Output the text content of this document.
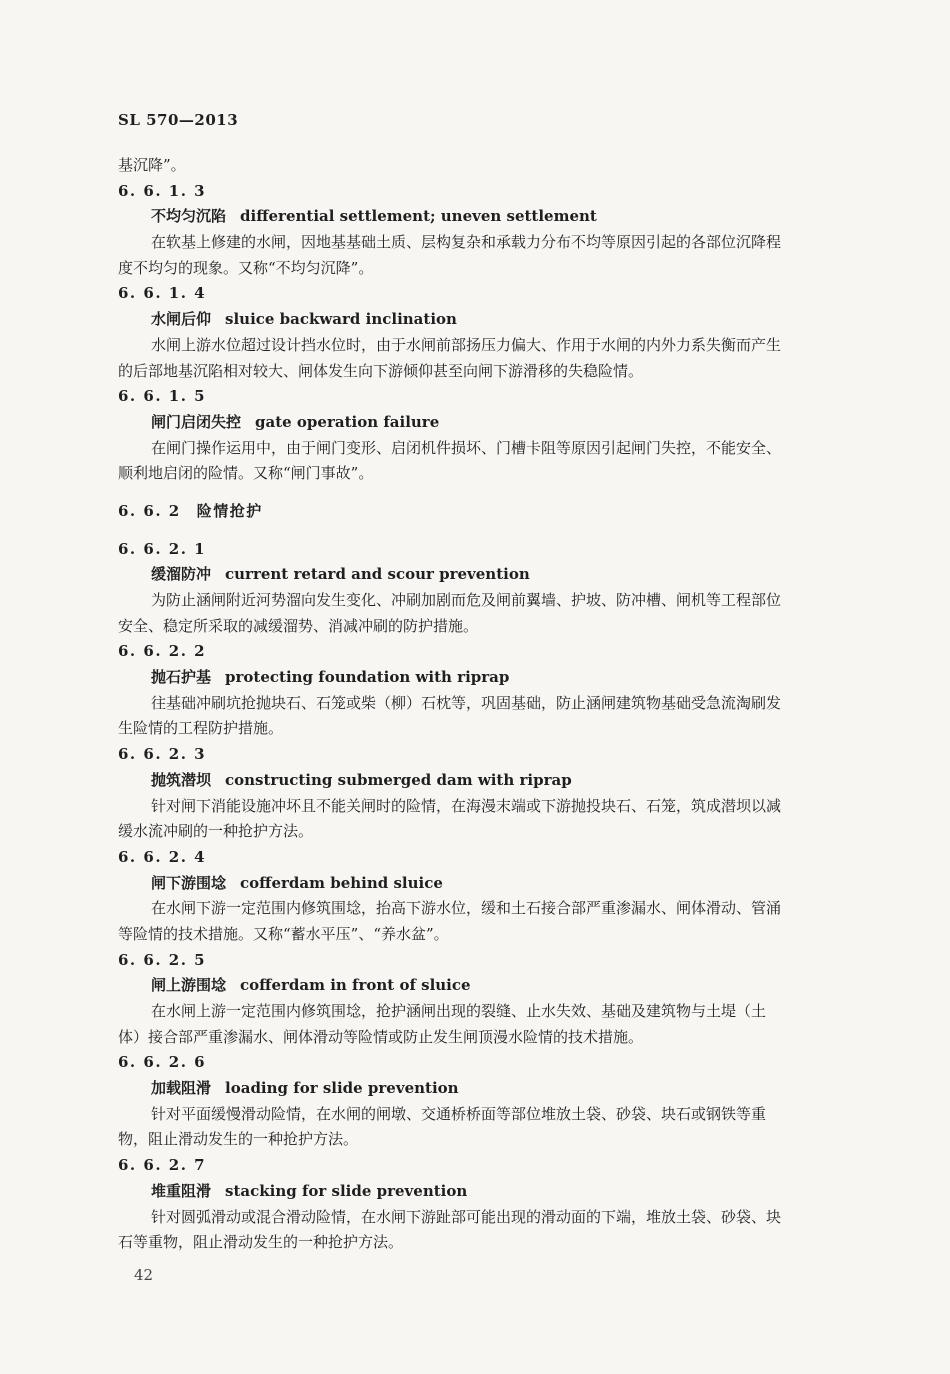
SL 570—2013
基沉降”。
6. 6. 1. 3
不均匀沉陷 differential settlement; uneven settlement
在软基上修建的水闸，因地基基础土质、层构复杂和承载力分布不均等原因引起的各部位沉降程
度不均匀的现象。又称“不均匀沉降”。
6. 6. 1. 4
水闸后仰 sluice backward inclination
水闸上游水位超过设计挡水位时，由于水闸前部扬压力偏大、作用于水闸的内外力系失衡而产生
的后部地基沉陷相对较大、闸体发生向下游倾仰甚至向闸下游滑移的失稳险情。
6. 6. 1. 5
闸门启闭失控 gate operation failure
在闸门操作运用中，由于闸门变形、启闭机件损坏、门槽卡阻等原因引起闸门失控，不能安全、
顺利地启闭的险情。又称“闸门事故”。
6. 6. 2 险情抢护
6. 6. 2. 1
缓溜防冲 current retard and scour prevention
为防止涵闸附近河势溜向发生变化、冲刷加剧而危及闸前翼墙、护坡、防冲槽、闸机等工程部位
安全、稳定所采取的减缓溜势、消减冲刷的防护措施。
6. 6. 2. 2
抛石护基 protecting foundation with riprap
往基础冲刷坑抢抛块石、石笼或柴（柳）石枕等，巩固基础，防止涵闸建筑物基础受急流淘刷发
生险情的工程防护措施。
6. 6. 2. 3
抛筑潜坝 constructing submerged dam with riprap
针对闸下消能设施冲坏且不能关闸时的险情，在海漫末端或下游抛投块石、石笼，筑成潜坝以减
缓水流冲刷的一种抢护方法。
6. 6. 2. 4
闸下游围埝 cofferdam behind sluice
在水闸下游一定范围内修筑围埝，抬高下游水位，缓和土石接合部严重渗漏水、闸体滑动、管涌
等险情的技术措施。又称“蓄水平压”、“养水盆”。
6. 6. 2. 5
闸上游围埝 cofferdam in front of sluice
在水闸上游一定范围内修筑围埝，抢护涵闸出现的裂缝、止水失效、基础及建筑物与土堤（土
体）接合部严重渗漏水、闸体滑动等险情或防止发生闸顶漫水险情的技术措施。
6. 6. 2. 6
加载阻滑 loading for slide prevention
针对平面缓慢滑动险情，在水闸的闸墩、交通桥桥面等部位堆放土袋、砂袋、块石或钢铁等重
物，阻止滑动发生的一种抢护方法。
6. 6. 2. 7
堆重阻滑 stacking for slide prevention
针对圆弧滑动或混合滑动险情，在水闸下游趾部可能出现的滑动面的下端，堆放土袋、砂袋、块
石等重物，阻止滑动发生的一种抢护方法。
42
